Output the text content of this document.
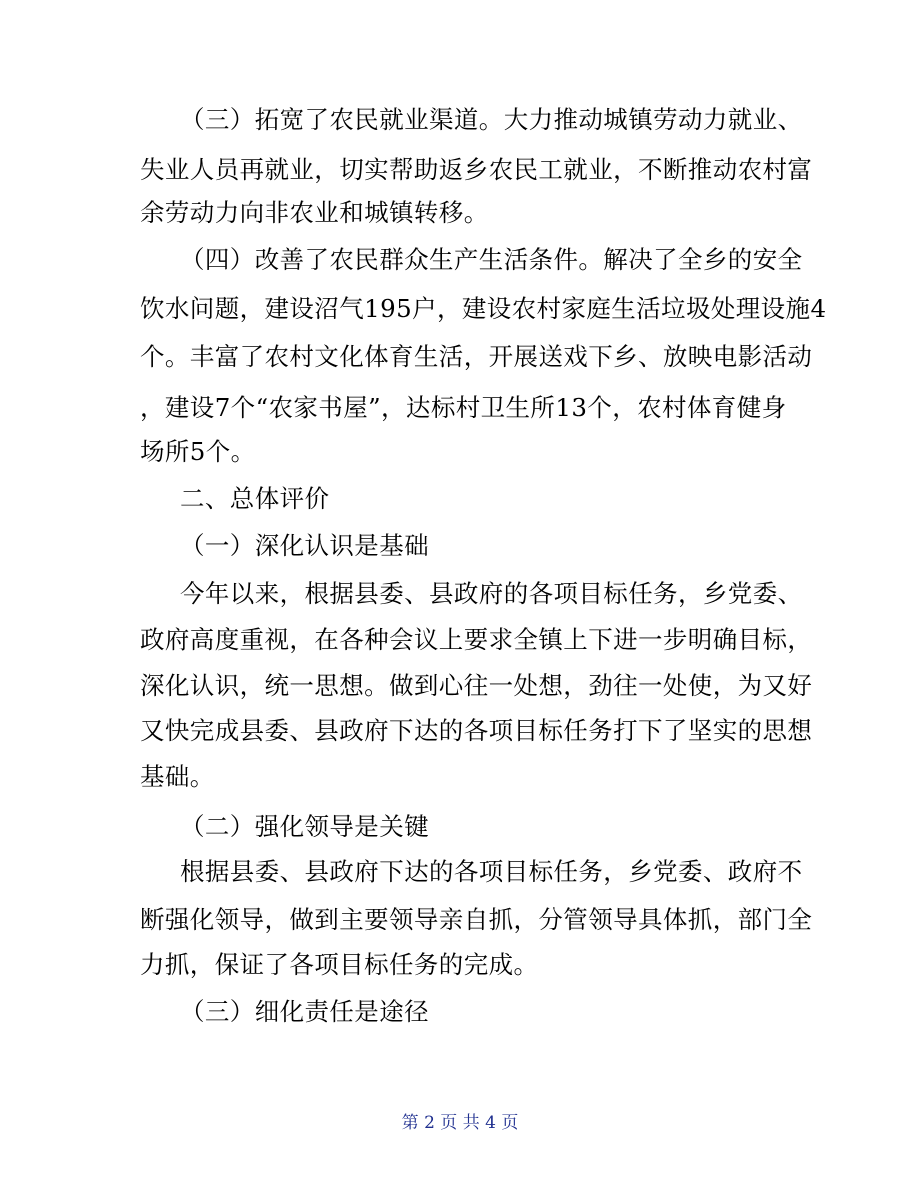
（三）拓宽了农民就业渠道。大力推动城镇劳动力就业、
失业人员再就业，切实帮助返乡农民工就业，不断推动农村富
余劳动力向非农业和城镇转移。
（四）改善了农民群众生产生活条件。解决了全乡的安全
饮水问题，建设沼气195户，建设农村家庭生活垃圾处理设施4
个。丰富了农村文化体育生活，开展送戏下乡、放映电影活动
，建设7个“农家书屋”，达标村卫生所13个，农村体育健身
场所5个。
二、总体评价
（一）深化认识是基础
今年以来，根据县委、县政府的各项目标任务，乡党委、
政府高度重视，在各种会议上要求全镇上下进一步明确目标，
深化认识，统一思想。做到心往一处想，劲往一处使，为又好
又快完成县委、县政府下达的各项目标任务打下了坚实的思想
基础。
（二）强化领导是关键
根据县委、县政府下达的各项目标任务，乡党委、政府不
断强化领导，做到主要领导亲自抓，分管领导具体抓，部门全
力抓，保证了各项目标任务的完成。
（三）细化责任是途径
第 2 页 共 4 页
